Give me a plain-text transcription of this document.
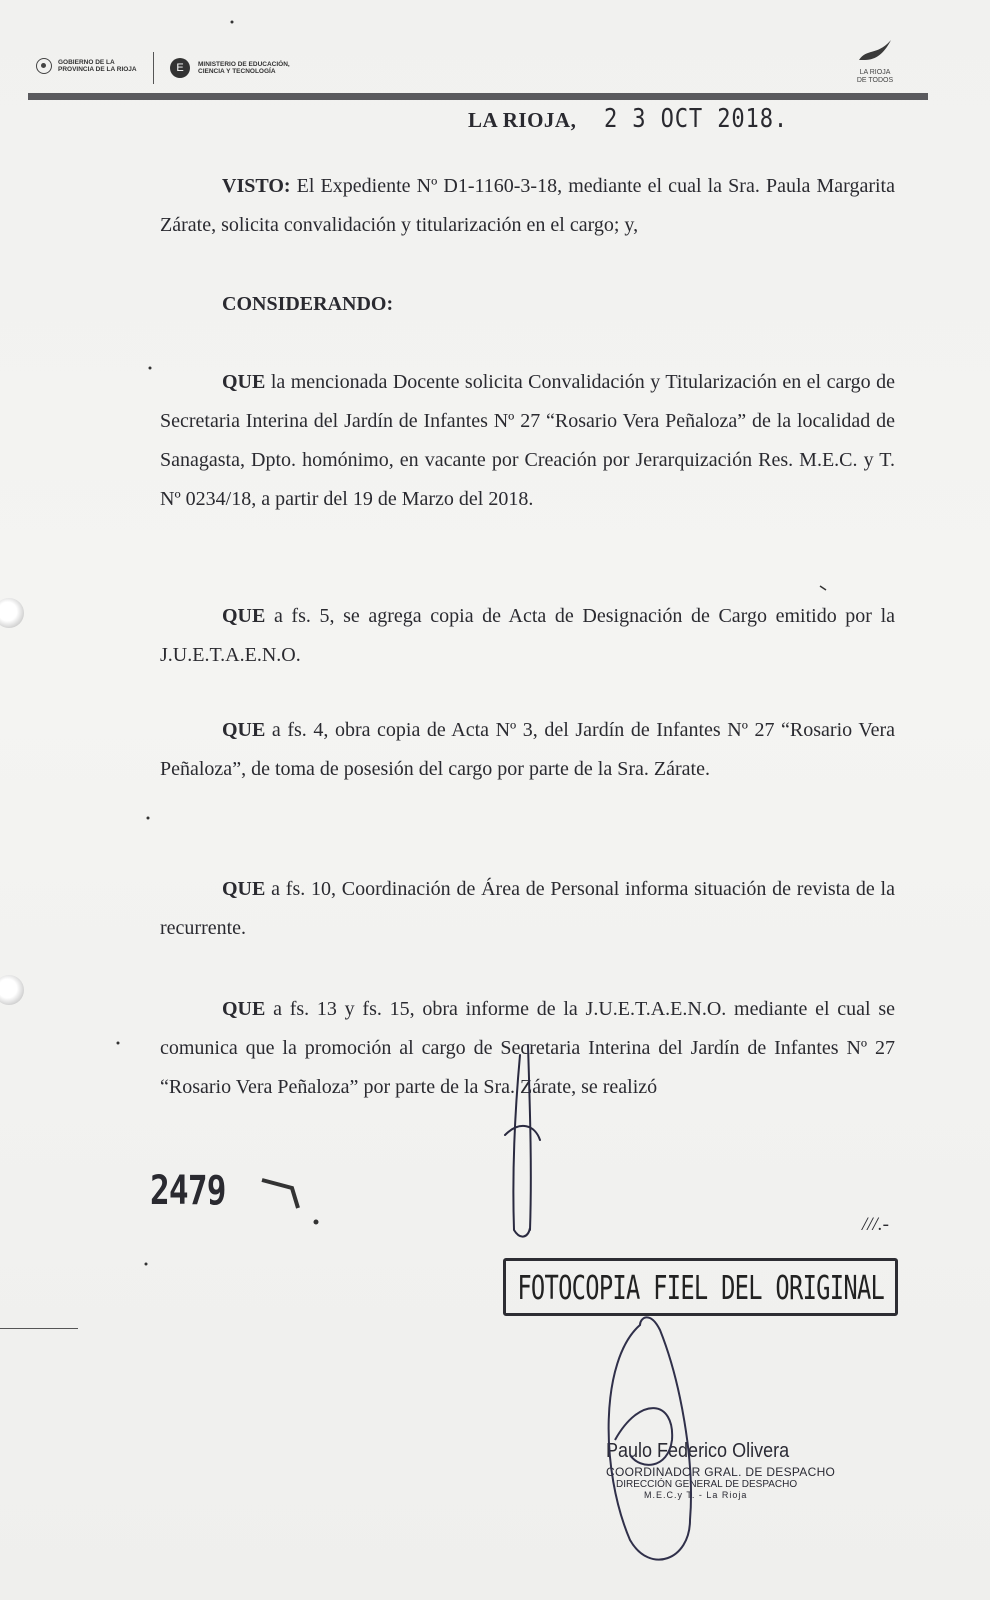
GOBIERNO DE LA
PROVINCIA DE LA RIOJA	E	MINISTERIO DE EDUCACIÓN,
CIENCIA Y TECNOLOGÍA	LA RIOJA
DE TODOS
LA RIOJA, 2 3 OCT 2018.
VISTO: El Expediente Nº D1-1160-3-18, mediante el cual la Sra. Paula Margarita Zárate, solicita convalidación y titularización en el cargo; y,
CONSIDERANDO:
QUE la mencionada Docente solicita Convalidación y Titularización en el cargo de Secretaria Interina del Jardín de Infantes Nº 27 “Rosario Vera Peñaloza” de la localidad de Sanagasta, Dpto. homónimo, en vacante por Creación por Jerarquización Res. M.E.C. y T. Nº 0234/18, a partir del 19 de Marzo del 2018.
QUE a fs. 5, se agrega copia de Acta de Designación de Cargo emitido por la J.U.E.T.A.E.N.O.
QUE a fs. 4, obra copia de Acta Nº 3, del Jardín de Infantes Nº 27 “Rosario Vera Peñaloza”, de toma de posesión del cargo por parte de la Sra. Zárate.
QUE a fs. 10, Coordinación de Área de Personal informa situación de revista de la recurrente.
QUE a fs. 13 y fs. 15, obra informe de la J.U.E.T.A.E.N.O. mediante el cual se comunica que la promoción al cargo de Secretaria Interina del Jardín de Infantes Nº 27 “Rosario Vera Peñaloza” por parte de la Sra. Zárate, se realizó
2479
///.-
FOTOCOPIA FIEL DEL ORIGINAL
Paulo Federico Olivera
COORDINADOR GRAL. DE DESPACHO
DIRECCIÓN GENERAL DE DESPACHO
M.E.C.y T. - La Rioja
